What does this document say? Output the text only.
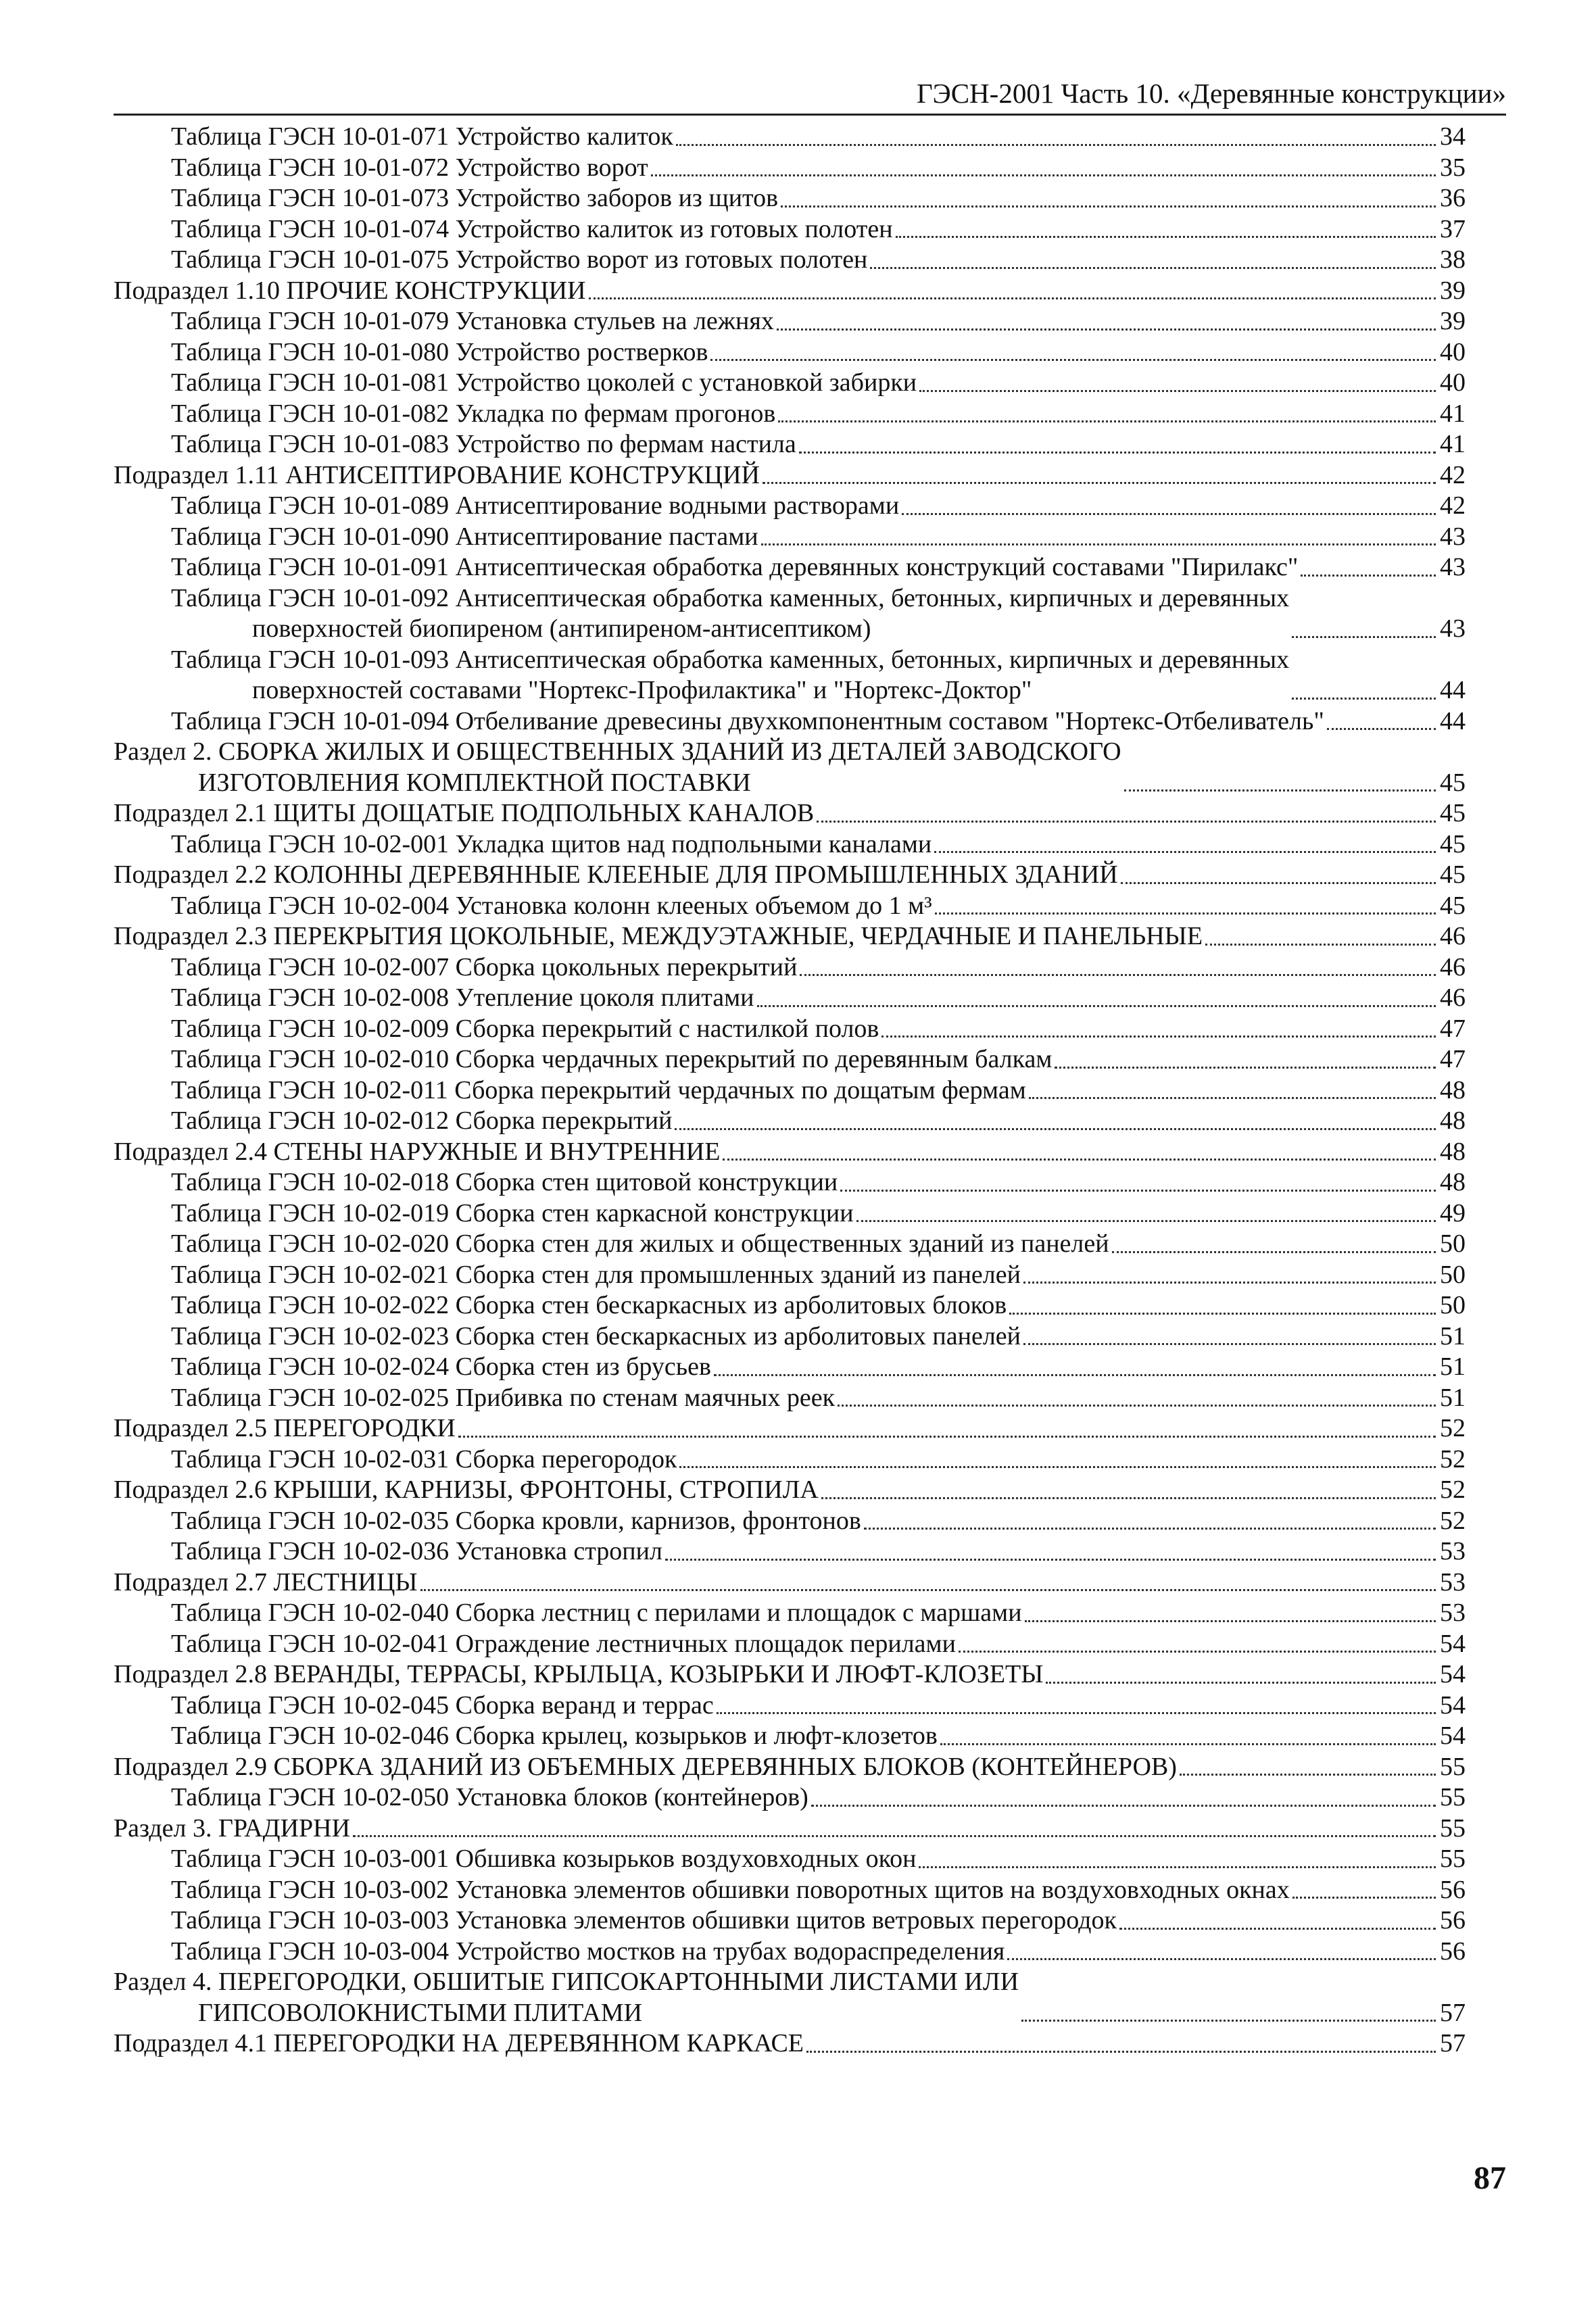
ГЭСН-2001 Часть 10. «Деревянные конструкции»
Таблица ГЭСН 10-01-071 Устройство калиток	34
Таблица ГЭСН 10-01-072 Устройство ворот	35
Таблица ГЭСН 10-01-073 Устройство заборов из щитов	36
Таблица ГЭСН 10-01-074 Устройство калиток из готовых полотен	37
Таблица ГЭСН 10-01-075 Устройство ворот из готовых полотен	38
Подраздел 1.10 ПРОЧИЕ КОНСТРУКЦИИ	39
Таблица ГЭСН 10-01-079 Установка стульев на лежнях	39
Таблица ГЭСН 10-01-080 Устройство ростверков	40
Таблица ГЭСН 10-01-081 Устройство цоколей с установкой забирки	40
Таблица ГЭСН 10-01-082 Укладка по фермам прогонов	41
Таблица ГЭСН 10-01-083 Устройство по фермам настила	41
Подраздел 1.11 АНТИСЕПТИРОВАНИЕ КОНСТРУКЦИЙ	42
Таблица ГЭСН 10-01-089 Антисептирование водными растворами	42
Таблица ГЭСН 10-01-090 Антисептирование пастами	43
Таблица ГЭСН 10-01-091 Антисептическая обработка деревянных конструкций составами "Пирилакс"	43
Таблица ГЭСН 10-01-092 Антисептическая обработка каменных, бетонных, кирпичных и деревянных
поверхностей биопиреном (антипиреном-антисептиком)	43
Таблица ГЭСН 10-01-093 Антисептическая обработка каменных, бетонных, кирпичных и деревянных
поверхностей составами "Нортекс-Профилактика" и "Нортекс-Доктор"	44
Таблица ГЭСН 10-01-094 Отбеливание древесины двухкомпонентным составом "Нортекс-Отбеливатель"	44
Раздел 2. СБОРКА ЖИЛЫХ И ОБЩЕСТВЕННЫХ ЗДАНИЙ ИЗ ДЕТАЛЕЙ ЗАВОДСКОГО
ИЗГОТОВЛЕНИЯ КОМПЛЕКТНОЙ ПОСТАВКИ	45
Подраздел 2.1 ЩИТЫ ДОЩАТЫЕ ПОДПОЛЬНЫХ КАНАЛОВ	45
Таблица ГЭСН 10-02-001 Укладка щитов над подпольными каналами	45
Подраздел 2.2 КОЛОННЫ ДЕРЕВЯННЫЕ КЛЕЕНЫЕ ДЛЯ ПРОМЫШЛЕННЫХ ЗДАНИЙ	45
Таблица ГЭСН 10-02-004 Установка колонн клееных объемом до 1 м³	45
Подраздел 2.3 ПЕРЕКРЫТИЯ ЦОКОЛЬНЫЕ, МЕЖДУЭТАЖНЫЕ, ЧЕРДАЧНЫЕ И ПАНЕЛЬНЫЕ	46
Таблица ГЭСН 10-02-007 Сборка цокольных перекрытий	46
Таблица ГЭСН 10-02-008 Утепление цоколя плитами	46
Таблица ГЭСН 10-02-009 Сборка перекрытий с настилкой полов	47
Таблица ГЭСН 10-02-010 Сборка чердачных перекрытий по деревянным балкам	47
Таблица ГЭСН 10-02-011 Сборка перекрытий чердачных по дощатым фермам	48
Таблица ГЭСН 10-02-012 Сборка перекрытий	48
Подраздел 2.4 СТЕНЫ НАРУЖНЫЕ И ВНУТРЕННИЕ	48
Таблица ГЭСН 10-02-018 Сборка стен щитовой конструкции	48
Таблица ГЭСН 10-02-019 Сборка стен каркасной конструкции	49
Таблица ГЭСН 10-02-020 Сборка стен для жилых и общественных зданий из панелей	50
Таблица ГЭСН 10-02-021 Сборка стен для промышленных зданий из панелей	50
Таблица ГЭСН 10-02-022 Сборка стен бескаркасных из арболитовых блоков	50
Таблица ГЭСН 10-02-023 Сборка стен бескаркасных из арболитовых панелей	51
Таблица ГЭСН 10-02-024 Сборка стен из брусьев	51
Таблица ГЭСН 10-02-025 Прибивка по стенам маячных реек	51
Подраздел 2.5 ПЕРЕГОРОДКИ	52
Таблица ГЭСН 10-02-031 Сборка перегородок	52
Подраздел 2.6 КРЫШИ, КАРНИЗЫ, ФРОНТОНЫ, СТРОПИЛА	52
Таблица ГЭСН 10-02-035 Сборка кровли, карнизов, фронтонов	52
Таблица ГЭСН 10-02-036 Установка стропил	53
Подраздел 2.7 ЛЕСТНИЦЫ	53
Таблица ГЭСН 10-02-040 Сборка лестниц с перилами и площадок с маршами	53
Таблица ГЭСН 10-02-041 Ограждение лестничных площадок перилами	54
Подраздел 2.8 ВЕРАНДЫ, ТЕРРАСЫ, КРЫЛЬЦА, КОЗЫРЬКИ И ЛЮФТ-КЛОЗЕТЫ	54
Таблица ГЭСН 10-02-045 Сборка веранд и террас	54
Таблица ГЭСН 10-02-046 Сборка крылец, козырьков и люфт-клозетов	54
Подраздел 2.9 СБОРКА ЗДАНИЙ ИЗ ОБЪЕМНЫХ ДЕРЕВЯННЫХ БЛОКОВ (КОНТЕЙНЕРОВ)	55
Таблица ГЭСН 10-02-050 Установка блоков (контейнеров)	55
Раздел 3. ГРАДИРНИ	55
Таблица ГЭСН 10-03-001 Обшивка козырьков воздуховходных окон	55
Таблица ГЭСН 10-03-002 Установка элементов обшивки поворотных щитов на воздуховходных окнах	56
Таблица ГЭСН 10-03-003 Установка элементов обшивки щитов ветровых перегородок	56
Таблица ГЭСН 10-03-004 Устройство мостков на трубах водораспределения	56
Раздел 4. ПЕРЕГОРОДКИ, ОБШИТЫЕ ГИПСОКАРТОННЫМИ ЛИСТАМИ ИЛИ
ГИПСОВОЛОКНИСТЫМИ ПЛИТАМИ	57
Подраздел 4.1 ПЕРЕГОРОДКИ НА ДЕРЕВЯННОМ КАРКАСЕ	57
87
